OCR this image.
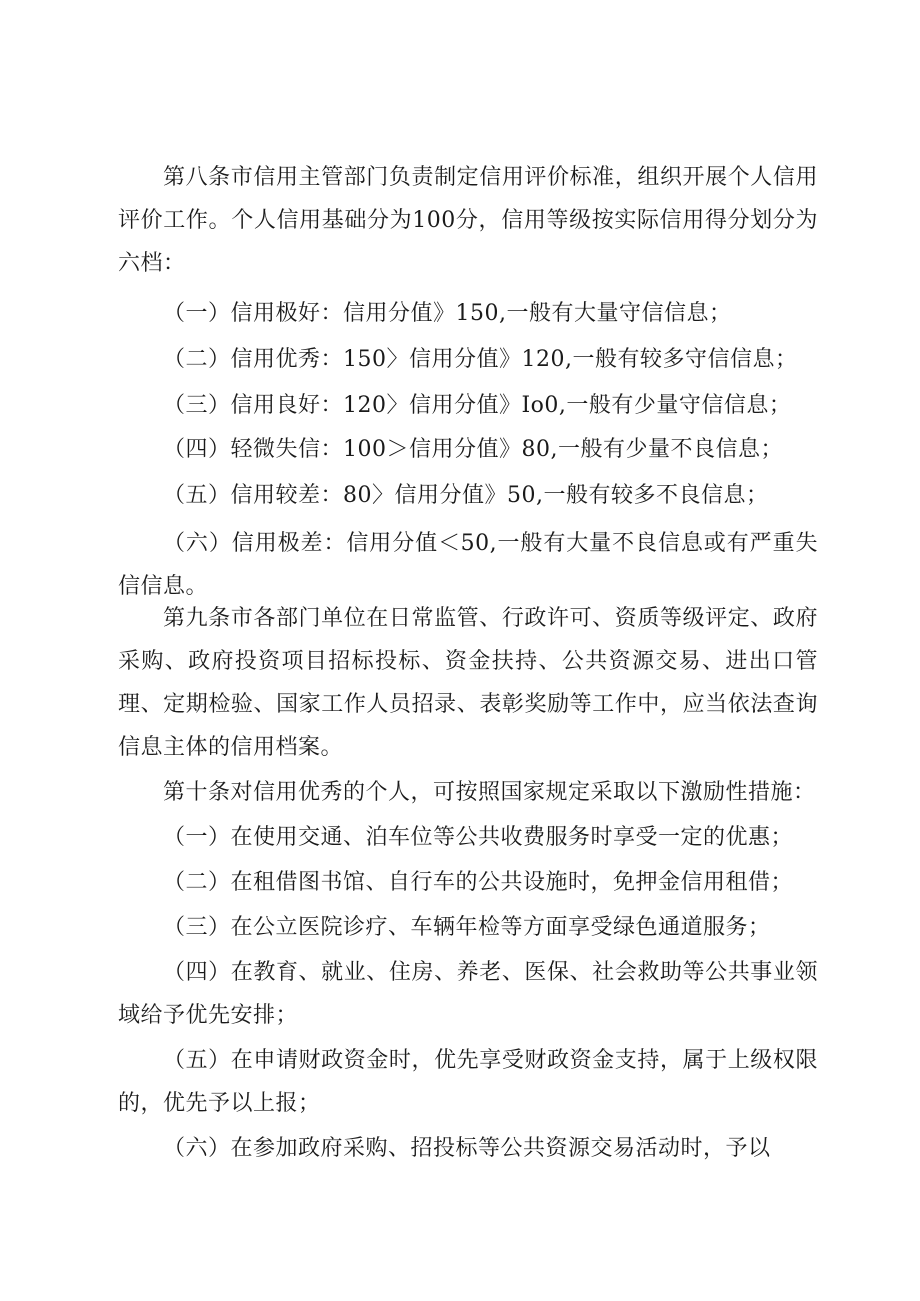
第八条市信用主管部门负责制定信用评价标准，组织开展个人信用评价工作。个人信用基础分为100分，信用等级按实际信用得分划分为六档：

（一）信用极好：信用分值》150,一般有大量守信信息；

（二）信用优秀：150〉信用分值》120,一般有较多守信信息；

（三）信用良好：120〉信用分值》Io0,一般有少量守信信息；

（四）轻微失信：100＞信用分值》80,一般有少量不良信息；

（五）信用较差：80〉信用分值》50,一般有较多不良信息；

（六）信用极差：信用分值＜50,一般有大量不良信息或有严重失信信息。

第九条市各部门单位在日常监管、行政许可、资质等级评定、政府采购、政府投资项目招标投标、资金扶持、公共资源交易、进出口管理、定期检验、国家工作人员招录、表彰奖励等工作中，应当依法查询信息主体的信用档案。

第十条对信用优秀的个人，可按照国家规定采取以下激励性措施：

（一）在使用交通、泊车位等公共收费服务时享受一定的优惠；

（二）在租借图书馆、自行车的公共设施时，免押金信用租借；

（三）在公立医院诊疗、车辆年检等方面享受绿色通道服务；

（四）在教育、就业、住房、养老、医保、社会救助等公共事业领域给予优先安排；

（五）在申请财政资金时，优先享受财政资金支持，属于上级权限的，优先予以上报；

（六）在参加政府采购、招投标等公共资源交易活动时，予以
